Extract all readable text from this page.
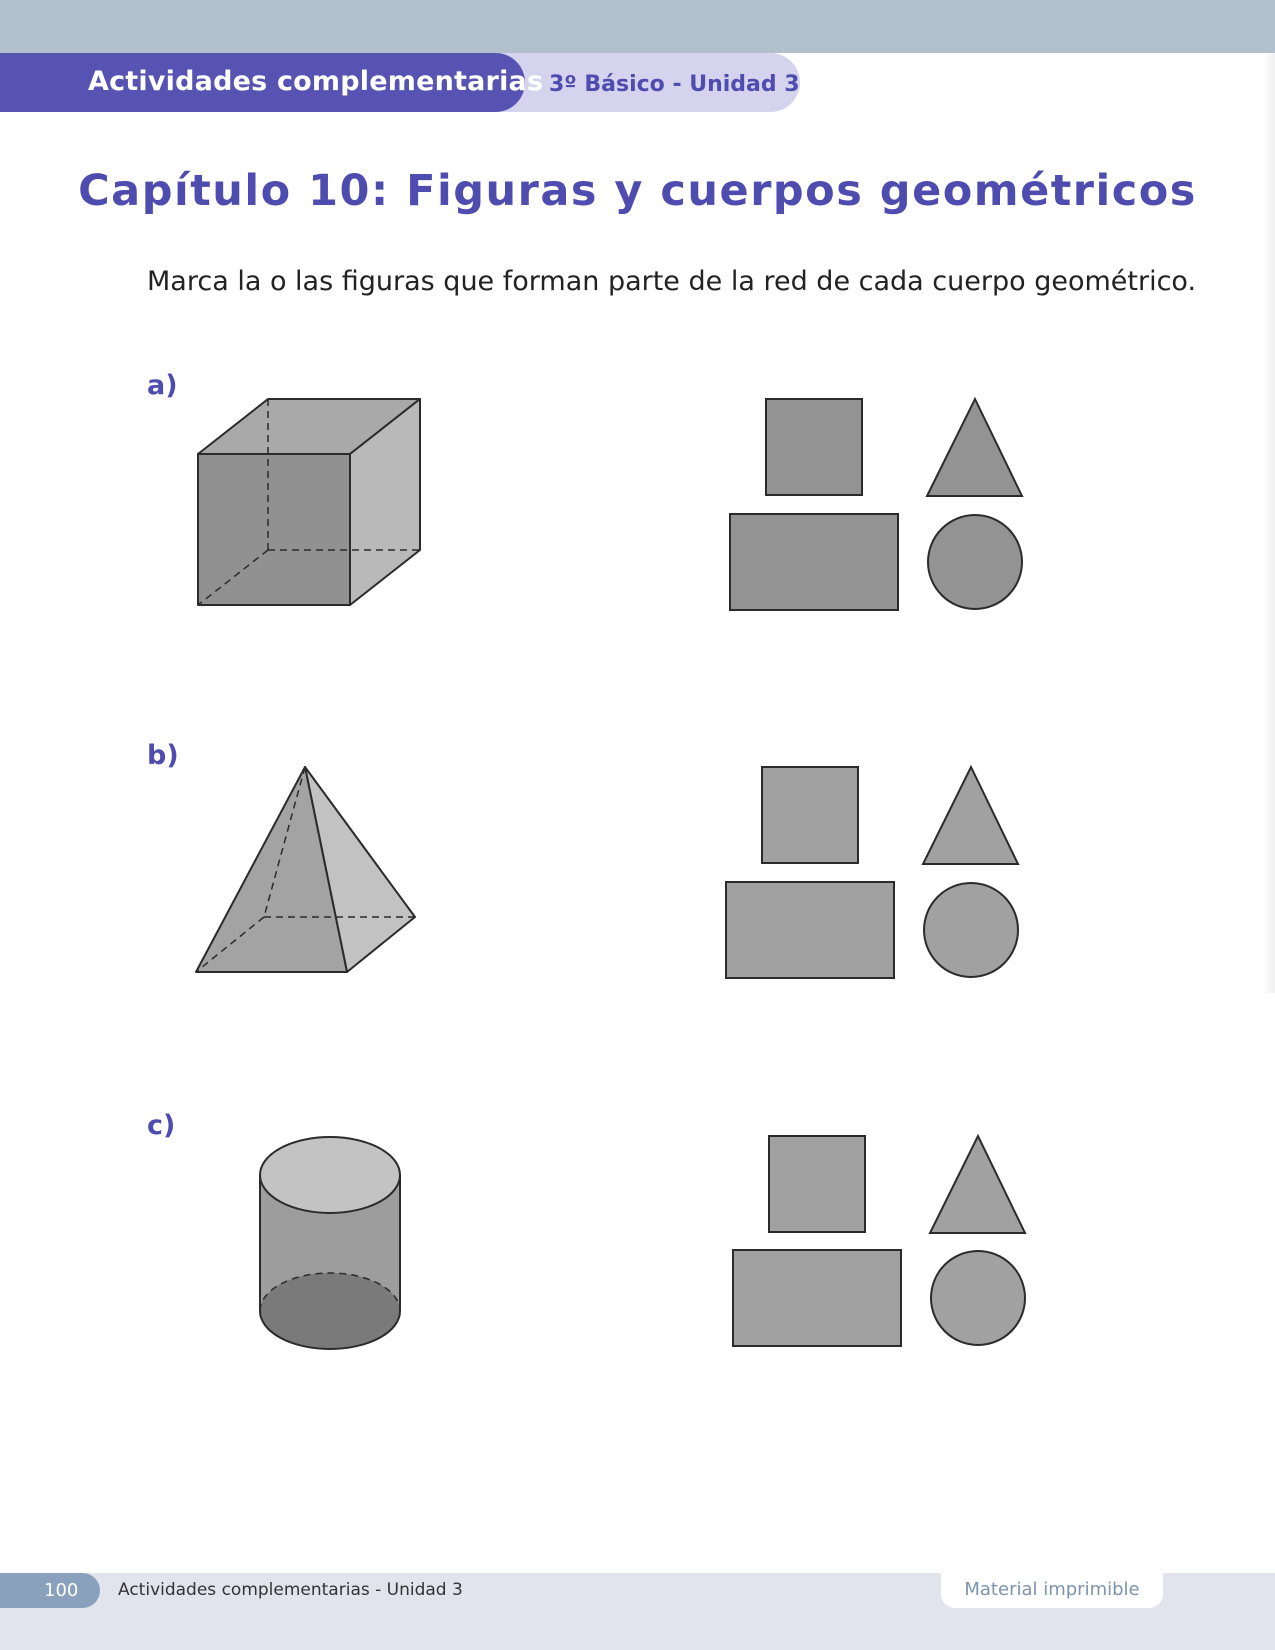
Actividades complementarias 3º Básico - Unidad 3
Capítulo 10: Figuras y cuerpos geométricos
Marca la o las figuras que forman parte de la red de cada cuerpo geométrico.
a)
b)
c)
100 Actividades complementarias - Unidad 3	Material imprimible
